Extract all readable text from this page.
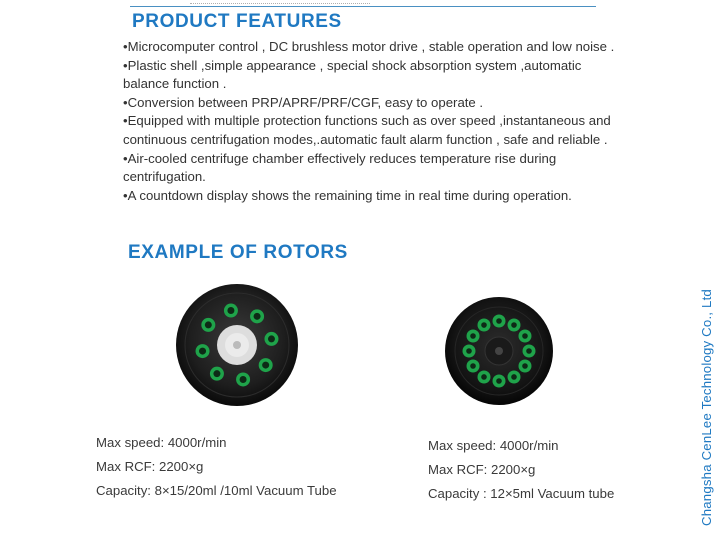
PRODUCT FEATURES
•Microcomputer control , DC brushless motor drive , stable operation and low noise .
•Plastic shell ,simple appearance , special shock absorption system ,automatic balance function .
•Conversion between PRP/APRF/PRF/CGF, easy to operate .
•Equipped with multiple protection functions such as over speed ,instantaneous and continuous centrifugation modes,.automatic fault alarm function , safe and reliable .
•Air-cooled centrifuge chamber effectively reduces temperature rise during centrifugation.
•A countdown display shows the remaining time in real time during operation.
EXAMPLE OF ROTORS
Max speed: 4000r/min
Max RCF: 2200×g
Capacity: 8×15/20ml /10ml Vacuum Tube
Max speed: 4000r/min
Max RCF: 2200×g
Capacity : 12×5ml Vacuum tube	Changsha CenLee Technology Co., Ltd
